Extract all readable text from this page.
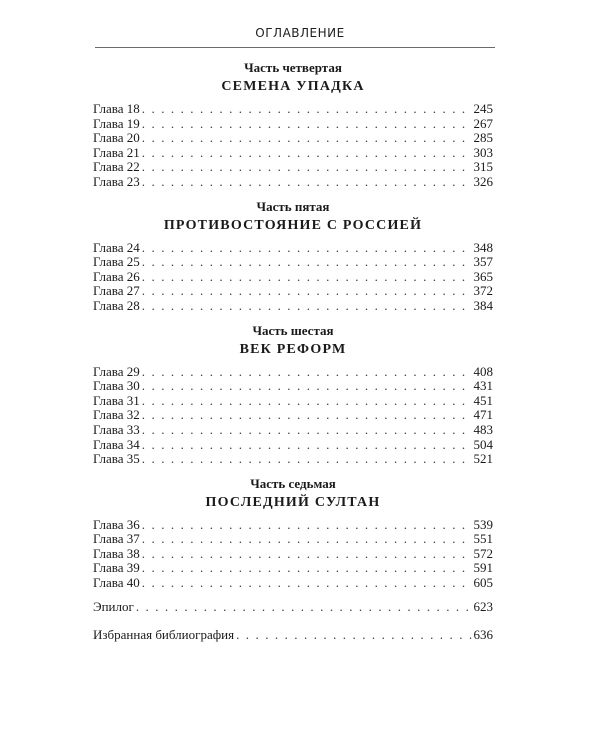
ОГЛАВЛЕНИЕ
Часть четвертая
СЕМЕНА УПАДКА
Глава 18 . . .	245
Глава 19 . . .	267
Глава 20 . . .	285
Глава 21 . . .	303
Глава 22 . . .	315
Глава 23 . . .	326
Часть пятая
ПРОТИВОСТОЯНИЕ С РОССИЕЙ
Глава 24 . . .	348
Глава 25 . . .	357
Глава 26 . . .	365
Глава 27 . . .	372
Глава 28 . . .	384
Часть шестая
ВЕК РЕФОРМ
Глава 29 . . .	408
Глава 30 . . .	431
Глава 31 . . .	451
Глава 32 . . .	471
Глава 33 . . .	483
Глава 34 . . .	504
Глава 35 . . .	521
Часть седьмая
ПОСЛЕДНИЙ СУЛТАН
Глава 36 . . .	539
Глава 37 . . .	551
Глава 38 . . .	572
Глава 39 . . .	591
Глава 40 . . .	605
Эпилог . . .	623
Избранная библиография . . .	636
